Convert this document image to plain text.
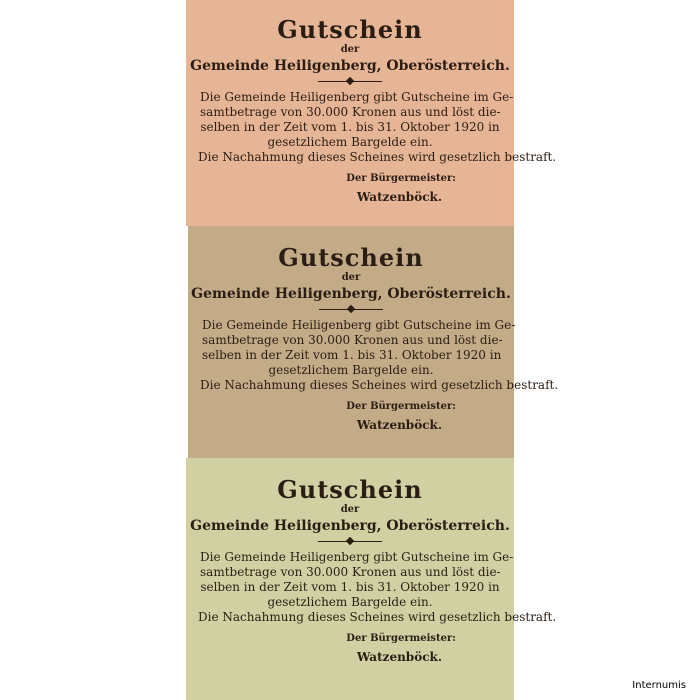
Gutschein
der
Gemeinde Heiligenberg, Oberösterreich.
Die Gemeinde Heiligenberg gibt Gutscheine im Ge-
samtbetrage von 30.000 Kronen aus und löst die-
selben in der Zeit vom 1. bis 31. Oktober 1920 in
gesetzlichem Bargelde ein.
Die Nachahmung dieses Scheines wird gesetzlich bestraft.
Der Bürgermeister:
Watzenböck.
Gutschein
der
Gemeinde Heiligenberg, Oberösterreich.
Die Gemeinde Heiligenberg gibt Gutscheine im Ge-
samtbetrage von 30.000 Kronen aus und löst die-
selben in der Zeit vom 1. bis 31. Oktober 1920 in
gesetzlichem Bargelde ein.
Die Nachahmung dieses Scheines wird gesetzlich bestraft.
Der Bürgermeister:
Watzenböck.
Gutschein
der
Gemeinde Heiligenberg, Oberösterreich.
Die Gemeinde Heiligenberg gibt Gutscheine im Ge-
samtbetrage von 30.000 Kronen aus und löst die-
selben in der Zeit vom 1. bis 31. Oktober 1920 in
gesetzlichem Bargelde ein.
Die Nachahmung dieses Scheines wird gesetzlich bestraft.
Der Bürgermeister:
Watzenböck.
Internumis
